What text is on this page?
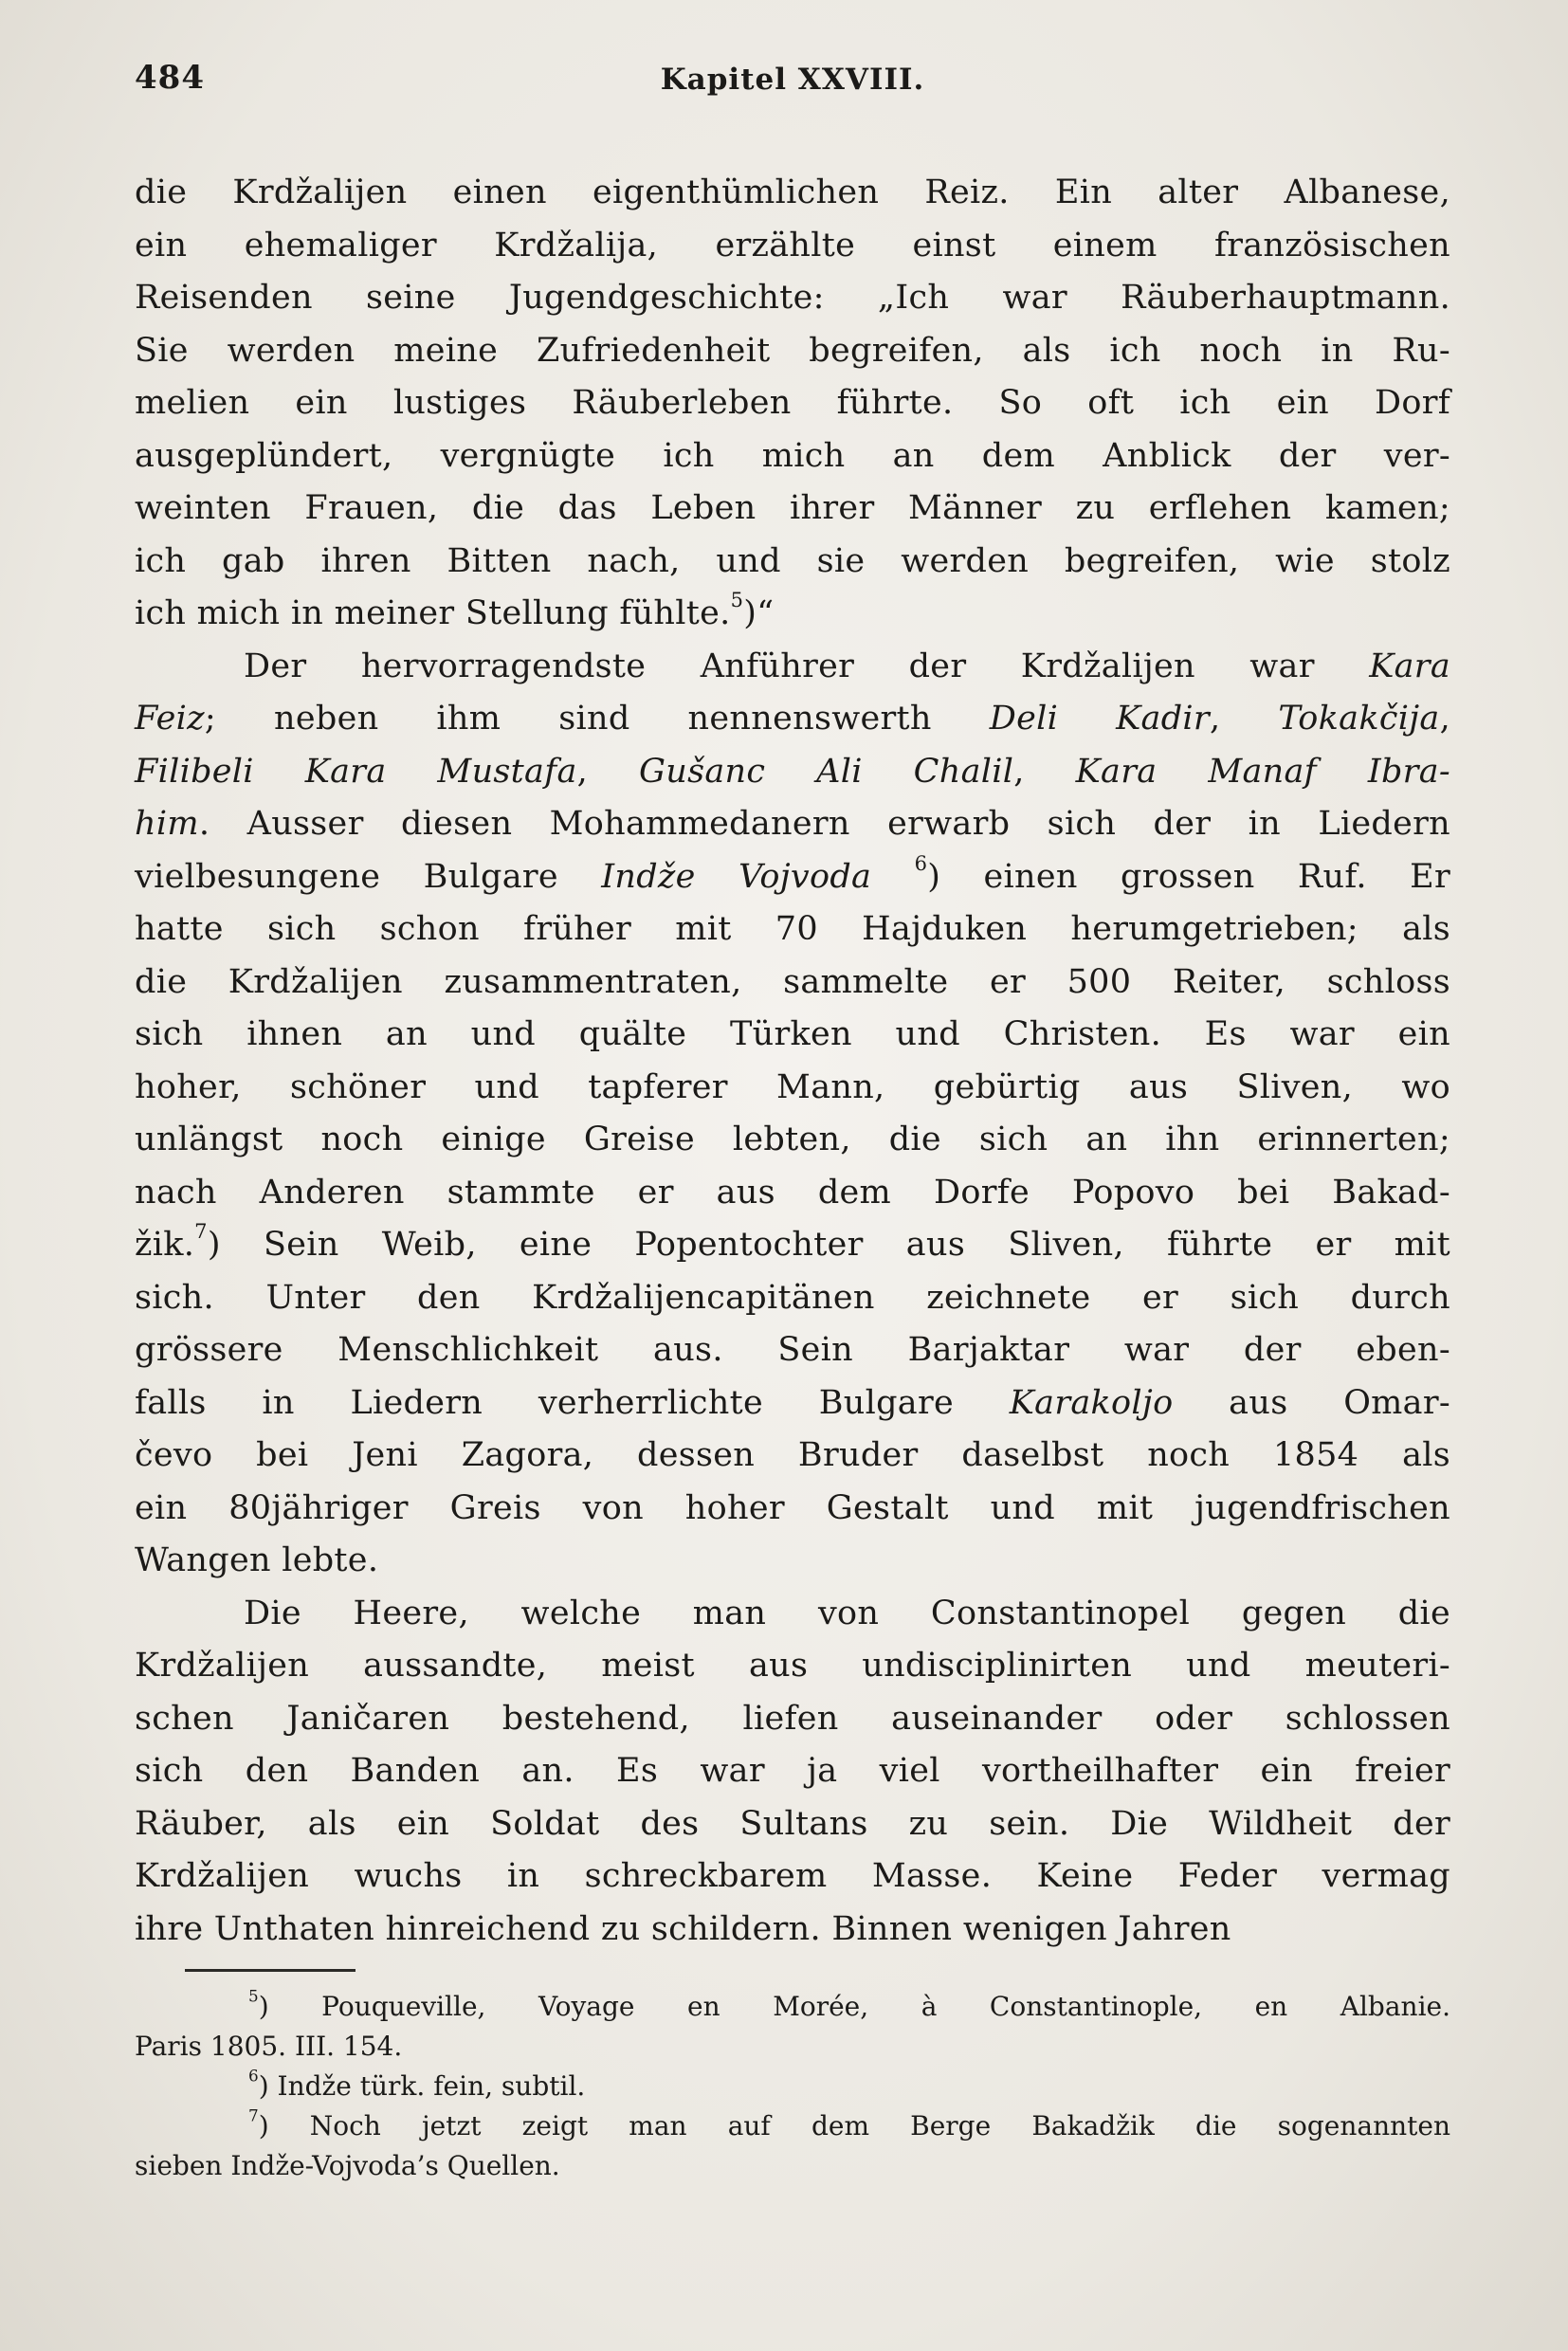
484	Kapitel XXVIII.
die Krdžalijen einen eigenthümlichen Reiz. Ein alter Albanese,
ein ehemaliger Krdžalija, erzählte einst einem französischen
Reisenden seine Jugendgeschichte: „Ich war Räuberhauptmann.
Sie werden meine Zufriedenheit begreifen, als ich noch in Ru-
melien ein lustiges Räuberleben führte. So oft ich ein Dorf
ausgeplündert, vergnügte ich mich an dem Anblick der ver-
weinten Frauen, die das Leben ihrer Männer zu erflehen kamen;
ich gab ihren Bitten nach, und sie werden begreifen, wie stolz
ich mich in meiner Stellung fühlte.$^5$)“
Der hervorragendste Anführer der Krdžalijen war Kara
Feiz; neben ihm sind nennenswerth Deli Kadir, Tokakčija,
Filibeli Kara Mustafa, Gušanc Ali Chalil, Kara Manaf Ibra-
him. Ausser diesen Mohammedanern erwarb sich der in Liedern
vielbesungene Bulgare Indže Vojvoda $^6$) einen grossen Ruf. Er
hatte sich schon früher mit 70 Hajduken herumgetrieben; als
die Krdžalijen zusammentraten, sammelte er 500 Reiter, schloss
sich ihnen an und quälte Türken und Christen. Es war ein
hoher, schöner und tapferer Mann, gebürtig aus Sliven, wo
unlängst noch einige Greise lebten, die sich an ihn erinnerten;
nach Anderen stammte er aus dem Dorfe Popovo bei Bakad-
žik.$^7$) Sein Weib, eine Popentochter aus Sliven, führte er mit
sich. Unter den Krdžalijencapitänen zeichnete er sich durch
grössere Menschlichkeit aus. Sein Barjaktar war der eben-
falls in Liedern verherrlichte Bulgare Karakoljo aus Omar-
čevo bei Jeni Zagora, dessen Bruder daselbst noch 1854 als
ein 80jähriger Greis von hoher Gestalt und mit jugendfrischen
Wangen lebte.
Die Heere, welche man von Constantinopel gegen die
Krdžalijen aussandte, meist aus undisciplinirten und meuteri-
schen Janičaren bestehend, liefen auseinander oder schlossen
sich den Banden an. Es war ja viel vortheilhafter ein freier
Räuber, als ein Soldat des Sultans zu sein. Die Wildheit der
Krdžalijen wuchs in schreckbarem Masse. Keine Feder vermag
ihre Unthaten hinreichend zu schildern. Binnen wenigen Jahren
$^5$) Pouqueville, Voyage en Morée, à Constantinople, en Albanie.
Paris 1805. III. 154.
$^6$) Indže türk. fein, subtil.
$^7$) Noch jetzt zeigt man auf dem Berge Bakadžik die sogenannten
sieben Indže-Vojvoda’s Quellen.
